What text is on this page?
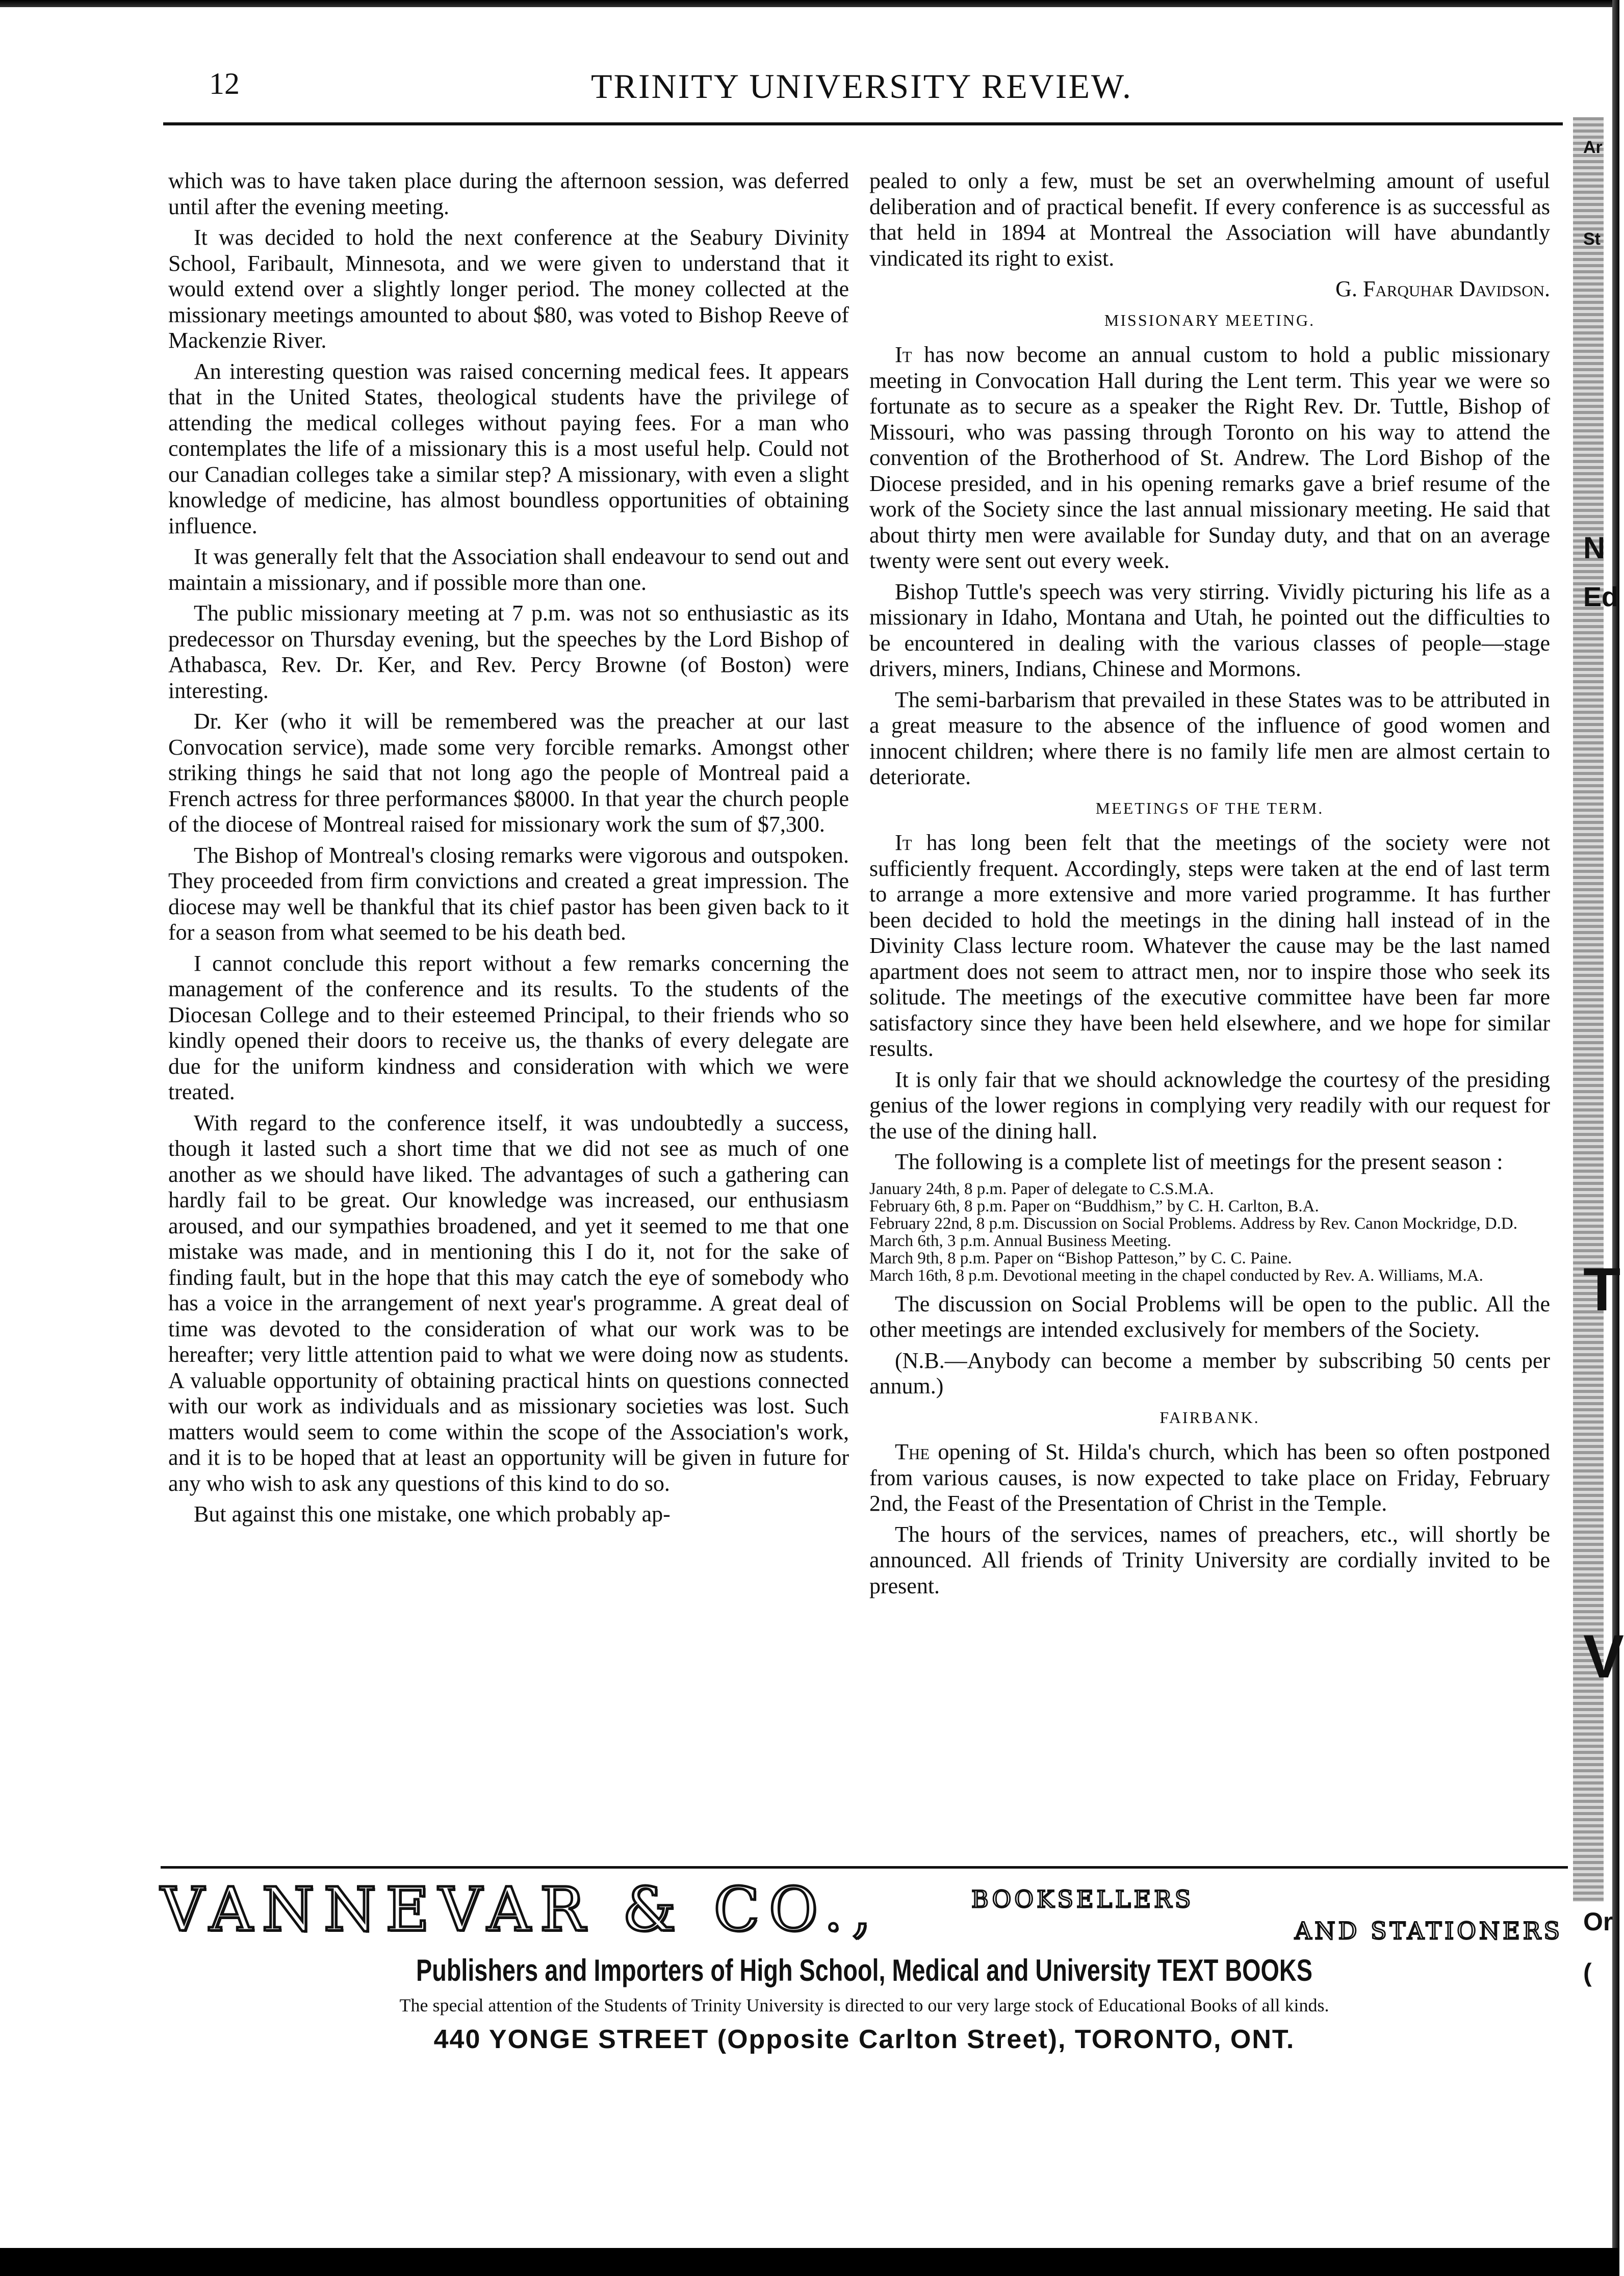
Ar
St
N
Ed
T
V
Or
(
12	TRINITY UNIVERSITY REVIEW.

which was to have taken place during the afternoon session, was deferred until after the evening meeting.

It was decided to hold the next conference at the Seabury Divinity School, Faribault, Minnesota, and we were given to understand that it would extend over a slightly longer period. The money collected at the missionary meetings amounted to about $80, was voted to Bishop Reeve of Mackenzie River.

An interesting question was raised concerning medical fees. It appears that in the United States, theological students have the privilege of attending the medical colleges without paying fees. For a man who contemplates the life of a missionary this is a most useful help. Could not our Canadian colleges take a similar step? A missionary, with even a slight knowledge of medicine, has almost boundless opportunities of obtaining influence.

It was generally felt that the Association shall endeavour to send out and maintain a missionary, and if possible more than one.

The public missionary meeting at 7 p.m. was not so enthusiastic as its predecessor on Thursday evening, but the speeches by the Lord Bishop of Athabasca, Rev. Dr. Ker, and Rev. Percy Browne (of Boston) were interesting.

Dr. Ker (who it will be remembered was the preacher at our last Convocation service), made some very forcible remarks. Amongst other striking things he said that not long ago the people of Montreal paid a French actress for three performances $8000. In that year the church people of the diocese of Montreal raised for missionary work the sum of $7,300.

The Bishop of Montreal's closing remarks were vigorous and outspoken. They proceeded from firm convictions and created a great impression. The diocese may well be thankful that its chief pastor has been given back to it for a season from what seemed to be his death bed.

I cannot conclude this report without a few remarks concerning the management of the conference and its results. To the students of the Diocesan College and to their esteemed Principal, to their friends who so kindly opened their doors to receive us, the thanks of every delegate are due for the uniform kindness and consideration with which we were treated.

With regard to the conference itself, it was undoubtedly a success, though it lasted such a short time that we did not see as much of one another as we should have liked. The advantages of such a gathering can hardly fail to be great. Our knowledge was increased, our enthusiasm aroused, and our sympathies broadened, and yet it seemed to me that one mistake was made, and in mentioning this I do it, not for the sake of finding fault, but in the hope that this may catch the eye of somebody who has a voice in the arrangement of next year's programme. A great deal of time was devoted to the consideration of what our work was to be hereafter; very little attention paid to what we were doing now as students. A valuable opportunity of obtaining practical hints on questions connected with our work as individuals and as missionary societies was lost. Such matters would seem to come within the scope of the Association's work, and it is to be hoped that at least an opportunity will be given in future for any who wish to ask any questions of this kind to do so.

But against this one mistake, one which probably ap-

pealed to only a few, must be set an overwhelming amount of useful deliberation and of practical benefit. If every conference is as successful as that held in 1894 at Montreal the Association will have abundantly vindicated its right to exist.

G. Farquhar Davidson.
MISSIONARY MEETING.

It has now become an annual custom to hold a public missionary meeting in Convocation Hall during the Lent term. This year we were so fortunate as to secure as a speaker the Right Rev. Dr. Tuttle, Bishop of Missouri, who was passing through Toronto on his way to attend the convention of the Brotherhood of St. Andrew. The Lord Bishop of the Diocese presided, and in his opening remarks gave a brief resume of the work of the Society since the last annual missionary meeting. He said that about thirty men were available for Sunday duty, and that on an average twenty were sent out every week.

Bishop Tuttle's speech was very stirring. Vividly picturing his life as a missionary in Idaho, Montana and Utah, he pointed out the difficulties to be encountered in dealing with the various classes of people—stage drivers, miners, Indians, Chinese and Mormons.

The semi-barbarism that prevailed in these States was to be attributed in a great measure to the absence of the influence of good women and innocent children; where there is no family life men are almost certain to deteriorate.

MEETINGS OF THE TERM.

It has long been felt that the meetings of the society were not sufficiently frequent. Accordingly, steps were taken at the end of last term to arrange a more extensive and more varied programme. It has further been decided to hold the meetings in the dining hall instead of in the Divinity Class lecture room. Whatever the cause may be the last named apartment does not seem to attract men, nor to inspire those who seek its solitude. The meetings of the executive committee have been far more satisfactory since they have been held elsewhere, and we hope for similar results.

It is only fair that we should acknowledge the courtesy of the presiding genius of the lower regions in complying very readily with our request for the use of the dining hall.

The following is a complete list of meetings for the present season :

January 24th, 8 p.m. Paper of delegate to C.S.M.A.
February 6th, 8 p.m. Paper on “Buddhism,” by C. H. Carlton, B.A.
February 22nd, 8 p.m. Discussion on Social Problems. Address by Rev. Canon Mockridge, D.D.
March 6th, 3 p.m. Annual Business Meeting.
March 9th, 8 p.m. Paper on “Bishop Patteson,” by C. C. Paine.
March 16th, 8 p.m. Devotional meeting in the chapel conducted by Rev. A. Williams, M.A.

The discussion on Social Problems will be open to the public. All the other meetings are intended exclusively for members of the Society.

(N.B.—Anybody can become a member by subscribing 50 cents per annum.)

FAIRBANK.

The opening of St. Hilda's church, which has been so often postponed from various causes, is now expected to take place on Friday, February 2nd, the Feast of the Presentation of Christ in the Temple.

The hours of the services, names of preachers, etc., will shortly be announced. All friends of Trinity University are cordially invited to be present.

VANNEVAR & CO.,	BOOKSELLERS
AND STATIONERS
Publishers and Importers of High School, Medical and University TEXT BOOKS
The special attention of the Students of Trinity University is directed to our very large stock of Educational Books of all kinds.
440 YONGE STREET (Opposite Carlton Street), TORONTO, ONT.
